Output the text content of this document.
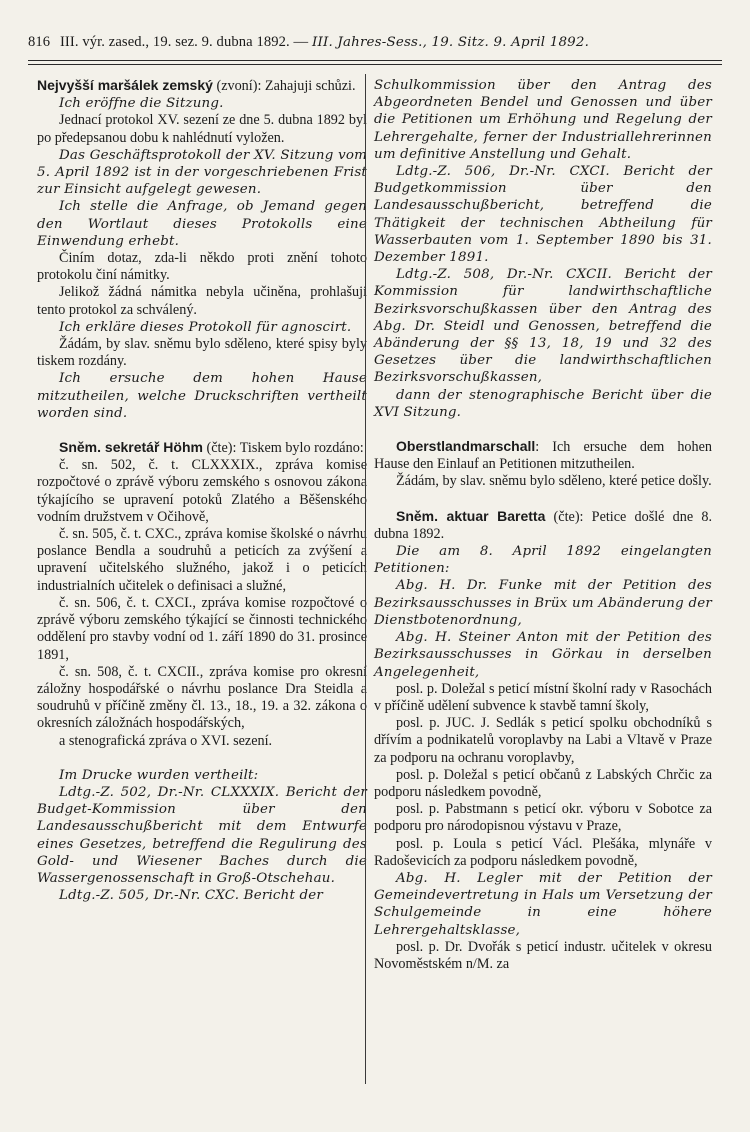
816 III. výr. zased., 19. sez. 9. dubna 1892. — III. Jahres-Sess., 19. Sitz. 9. April 1892.

Nejvyšší maršálek zemský (zvoní): Zahajuji schůzi.

Ich eröffne die Sitzung.

Jednací protokol XV. sezení ze dne 5. dubna 1892 byl po předepsanou dobu k nahlédnutí vyložen.

Das Geschäftsprotokoll der XV. Sitzung vom 5. April 1892 ist in der vorgeschriebenen Frist zur Einsicht aufgelegt gewesen.

Ich stelle die Anfrage, ob Jemand gegen den Wortlaut dieses Protokolls eine Einwendung erhebt.

Činím dotaz, zda-li někdo proti znění tohoto protokolu činí námitky.

Jelikož žádná námitka nebyla učiněna, prohlašuji tento protokol za schválený.

Ich erkläre dieses Protokoll für agnoscirt.

Žádám, by slav. sněmu bylo sděleno, které spisy byly tiskem rozdány.

Ich ersuche dem hohen Hause mitzutheilen, welche Druckschriften vertheilt worden sind.

Sněm. sekretář Höhm (čte): Tiskem bylo rozdáno:

č. sn. 502, č. t. CLXXXIX., zpráva komise rozpočtové o zprávě výboru zemského s osnovou zákona týkajícího se upravení potoků Zlatého a Běšenského vodním družstvem v Očihově,

č. sn. 505, č. t. CXC., zpráva komise školské o návrhu poslance Bendla a soudruhů a peticích za zvýšení a upravení učitelského služného, jakož i o peticích industrialních učitelek o definisaci a služné,

č. sn. 506, č. t. CXCI., zpráva komise rozpočtové o zprávě výboru zemského týkající se činnosti technického oddělení pro stavby vodní od 1. září 1890 do 31. prosince 1891,

č. sn. 508, č. t. CXCII., zpráva komise pro okresní záložny hospodářské o návrhu poslance Dra Steidla a soudruhů v příčině změny čl. 13., 18., 19. a 32. zákona o okresních záložnách hospodářských,

a stenografická zpráva o XVI. sezení.

Im Drucke wurden vertheilt:

Ldtg.-Z. 502, Dr.-Nr. CLXXXIX. Bericht der Budget-Kommission über den Landesausschußbericht mit dem Entwurfe eines Gesetzes, betreffend die Regulirung des Gold- und Wiesener Baches durch die Wassergenossenschaft in Groß-Otschehau.

Ldtg.-Z. 505, Dr.-Nr. CXC. Bericht der

Schulkommission über den Antrag des Abgeordneten Bendel und Genossen und über die Petitionen um Erhöhung und Regelung der Lehrergehalte, ferner der Industriallehrerinnen um definitive Anstellung und Gehalt.

Ldtg.-Z. 506, Dr.-Nr. CXCI. Bericht der Budgetkommission über den Landesausschußbericht, betreffend die Thätigkeit der technischen Abtheilung für Wasserbauten vom 1. September 1890 bis 31. Dezember 1891.

Ldtg.-Z. 508, Dr.-Nr. CXCII. Bericht der Kommission für landwirthschaftliche Bezirksvorschußkassen über den Antrag des Abg. Dr. Steidl und Genossen, betreffend die Abänderung der §§ 13, 18, 19 und 32 des Gesetzes über die landwirthschaftlichen Bezirksvorschußkassen,

dann der stenographische Bericht über die XVI Sitzung.

Oberstlandmarschall: Ich ersuche dem hohen Hause den Einlauf an Petitionen mitzutheilen.

Žádám, by slav. sněmu bylo sděleno, které petice došly.

Sněm. aktuar Baretta (čte): Petice došlé dne 8. dubna 1892.

Die am 8. April 1892 eingelangten Petitionen:

Abg. H. Dr. Funke mit der Petition des Bezirksausschusses in Brüx um Abänderung der Dienstbotenordnung,

Abg. H. Steiner Anton mit der Petition des Bezirksausschusses in Görkau in derselben Angelegenheit,

posl. p. Doležal s peticí místní školní rady v Rasochách v příčině udělení subvence k stavbě tamní školy,

posl. p. JUC. J. Sedlák s peticí spolku obchodníků s dřívím a podnikatelů voroplavby na Labi a Vltavě v Praze za podporu na ochranu voroplavby,

posl. p. Doležal s peticí občanů z Labských Chrčic za podporu následkem povodně,

posl. p. Pabstmann s peticí okr. výboru v Sobotce za podporu pro národopisnou výstavu v Praze,

posl. p. Loula s peticí Václ. Plešáka, mlynáře v Radoševicích za podporu následkem povodně,

Abg. H. Legler mit der Petition der Gemeindevertretung in Hals um Versetzung der Schulgemeinde in eine höhere Lehrergehaltsklasse,

posl. p. Dr. Dvořák s peticí industr. učitelek v okresu Novoměstském n/M. za
